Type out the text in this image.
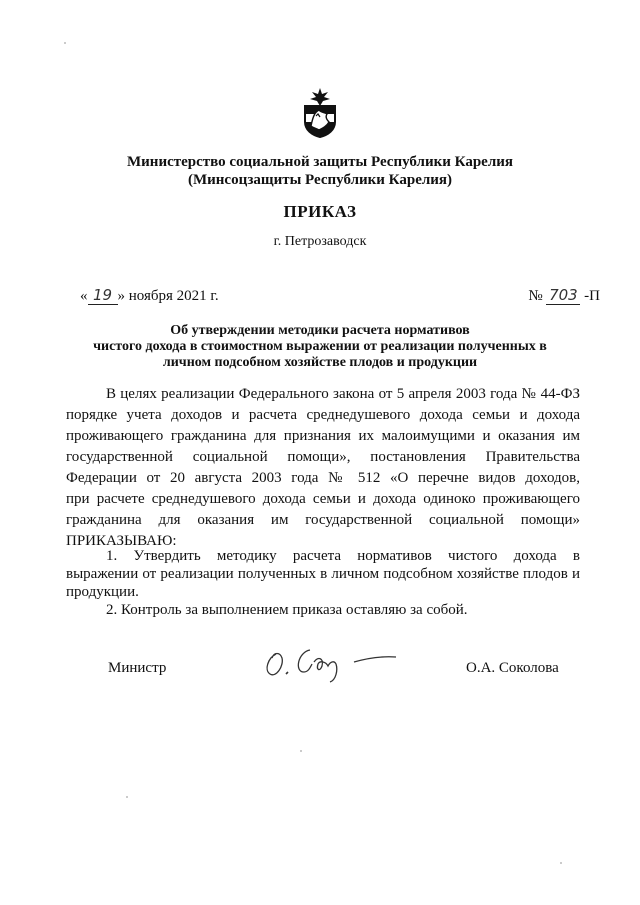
Министерство социальной защиты Республики Карелия
(Минсоцзащиты Республики Карелия)
ПРИКАЗ
г. Петрозаводск
« 19 » ноября 2021 г.	№ 703 -П
Об утверждении методики расчета нормативов
чистого дохода в стоимостном выражении от реализации полученных в
личном подсобном хозяйстве плодов и продукции
В целях реализации Федерального закона от 5 апреля 2003 года № 44-ФЗ
порядке учета доходов и расчета среднедушевого дохода семьи и дохода
проживающего гражданина для признания их малоимущими и оказания им
государственной социальной помощи», постановления Правительства
Федерации от 20 августа 2003 года № 512 «О перечне видов доходов,
при расчете среднедушевого дохода семьи и дохода одиноко проживающего
гражданина для оказания им государственной социальной помощи»
ПРИКАЗЫВАЮ:
1. Утвердить методику расчета нормативов чистого дохода в
выражении от реализации полученных в личном подсобном хозяйстве плодов и
продукции.
2. Контроль за выполнением приказа оставляю за собой.
Министр	О.А. Соколова
